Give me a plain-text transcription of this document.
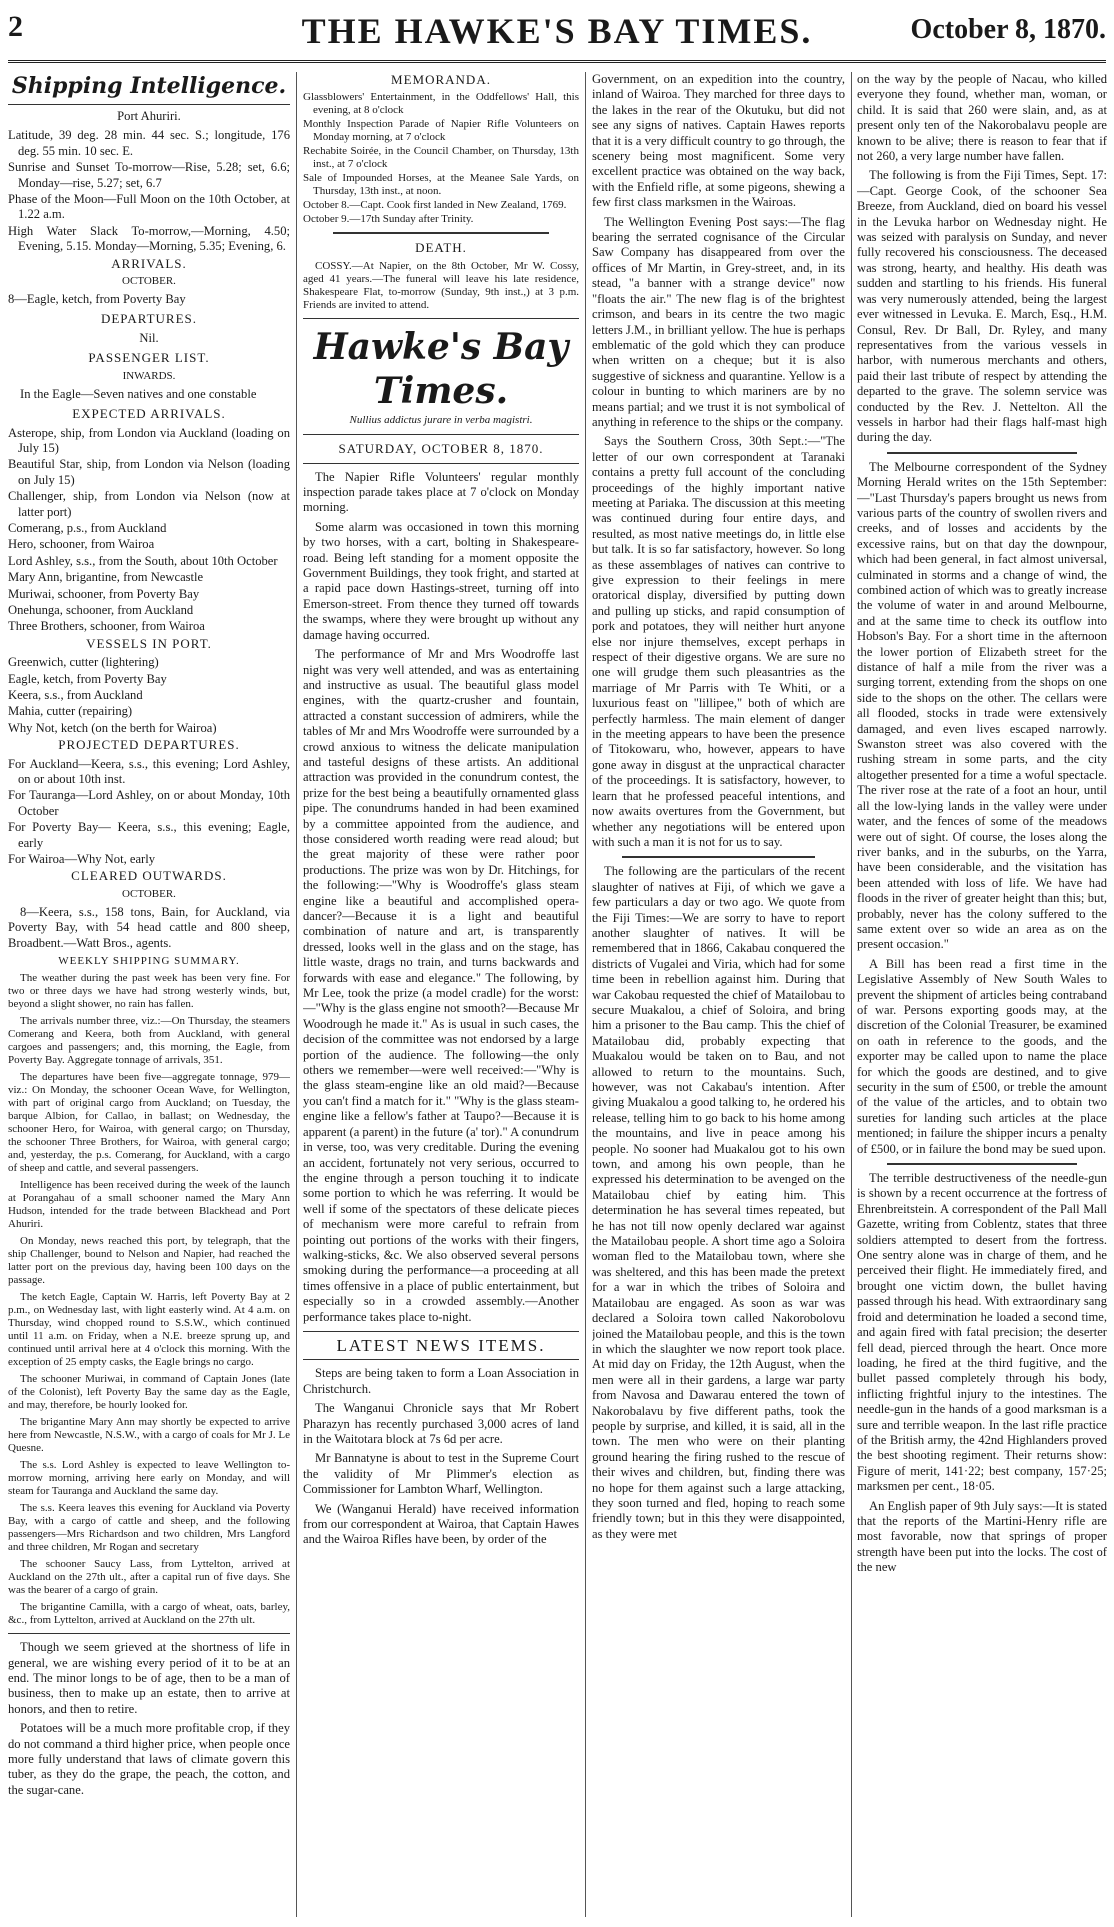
2	THE HAWKE'S BAY TIMES.	October 8, 1870.

Shipping Intelligence.

Port Ahuriri.

Latitude, 39 deg. 28 min. 44 sec. S.; longitude, 176 deg. 55 min. 10 sec. E.

Sunrise and Sunset To-morrow—Rise, 5.28; set, 6.6; Monday—rise, 5.27; set, 6.7

Phase of the Moon—Full Moon on the 10th October, at 1.22 a.m.

High Water Slack To-morrow,—Morning, 4.50; Evening, 5.15. Monday—Morning, 5.35; Evening, 6.

ARRIVALS.

OCTOBER.

8—Eagle, ketch, from Poverty Bay

DEPARTURES.

Nil.

PASSENGER LIST.

INWARDS.

In the Eagle—Seven natives and one constable

EXPECTED ARRIVALS.

Asterope, ship, from London via Auckland (loading on July 15)

Beautiful Star, ship, from London via Nelson (loading on July 15)

Challenger, ship, from London via Nelson (now at latter port)

Comerang, p.s., from Auckland

Hero, schooner, from Wairoa

Lord Ashley, s.s., from the South, about 10th October

Mary Ann, brigantine, from Newcastle

Muriwai, schooner, from Poverty Bay

Onehunga, schooner, from Auckland

Three Brothers, schooner, from Wairoa

VESSELS IN PORT.

Greenwich, cutter (lightering)

Eagle, ketch, from Poverty Bay

Keera, s.s., from Auckland

Mahia, cutter (repairing)

Why Not, ketch (on the berth for Wairoa)

PROJECTED DEPARTURES.

For Auckland—Keera, s.s., this evening; Lord Ashley, on or about 10th inst.

For Tauranga—Lord Ashley, on or about Monday, 10th October

For Poverty Bay— Keera, s.s., this evening; Eagle, early

For Wairoa—Why Not, early

CLEARED OUTWARDS.

OCTOBER.

8—Keera, s.s., 158 tons, Bain, for Auckland, via Poverty Bay, with 54 head cattle and 800 sheep, Broadbent.—Watt Bros., agents.

WEEKLY SHIPPING SUMMARY.

The weather during the past week has been very fine. For two or three days we have had strong westerly winds, but, beyond a slight shower, no rain has fallen.

The arrivals number three, viz.:—On Thursday, the steamers Comerang and Keera, both from Auckland, with general cargoes and passengers; and, this morning, the Eagle, from Poverty Bay. Aggregate tonnage of arrivals, 351.

The departures have been five—aggregate tonnage, 979—viz.: On Monday, the schooner Ocean Wave, for Wellington, with part of original cargo from Auckland; on Tuesday, the barque Albion, for Callao, in ballast; on Wednesday, the schooner Hero, for Wairoa, with general cargo; on Thursday, the schooner Three Brothers, for Wairoa, with general cargo; and, yesterday, the p.s. Comerang, for Auckland, with a cargo of sheep and cattle, and several passengers.

Intelligence has been received during the week of the launch at Porangahau of a small schooner named the Mary Ann Hudson, intended for the trade between Blackhead and Port Ahuriri.

On Monday, news reached this port, by telegraph, that the ship Challenger, bound to Nelson and Napier, had reached the latter port on the previous day, having been 100 days on the passage.

The ketch Eagle, Captain W. Harris, left Poverty Bay at 2 p.m., on Wednesday last, with light easterly wind. At 4 a.m. on Thursday, wind chopped round to S.S.W., which continued until 11 a.m. on Friday, when a N.E. breeze sprung up, and continued until arrival here at 4 o'clock this morning. With the exception of 25 empty casks, the Eagle brings no cargo.

The schooner Muriwai, in command of Captain Jones (late of the Colonist), left Poverty Bay the same day as the Eagle, and may, therefore, be hourly looked for.

The brigantine Mary Ann may shortly be expected to arrive here from Newcastle, N.S.W., with a cargo of coals for Mr J. Le Quesne.

The s.s. Lord Ashley is expected to leave Wellington to-morrow morning, arriving here early on Monday, and will steam for Tauranga and Auckland the same day.

The s.s. Keera leaves this evening for Auckland via Poverty Bay, with a cargo of cattle and sheep, and the following passengers—Mrs Richardson and two children, Mrs Langford and three children, Mr Rogan and secretary

The schooner Saucy Lass, from Lyttelton, arrived at Auckland on the 27th ult., after a capital run of five days. She was the bearer of a cargo of grain.

The brigantine Camilla, with a cargo of wheat, oats, barley, &c., from Lyttelton, arrived at Auckland on the 27th ult.

Though we seem grieved at the shortness of life in general, we are wishing every period of it to be at an end. The minor longs to be of age, then to be a man of business, then to make up an estate, then to arrive at honors, and then to retire.

Potatoes will be a much more profitable crop, if they do not command a third higher price, when people once more fully understand that laws of climate govern this tuber, as they do the grape, the peach, the cotton, and the sugar-cane.

MEMORANDA.

Glassblowers' Entertainment, in the Oddfellows' Hall, this evening, at 8 o'clock

Monthly Inspection Parade of Napier Rifle Volunteers on Monday morning, at 7 o'clock

Rechabite Soirée, in the Council Chamber, on Thursday, 13th inst., at 7 o'clock

Sale of Impounded Horses, at the Meanee Sale Yards, on Thursday, 13th inst., at noon.

October 8.—Capt. Cook first landed in New Zealand, 1769.

October 9.—17th Sunday after Trinity.

DEATH.

COSSY.—At Napier, on the 8th October, Mr W. Cossy, aged 41 years.—The funeral will leave his late residence, Shakespeare Flat, to-morrow (Sunday, 9th inst.,) at 3 p.m. Friends are invited to attend.

Hawke's Bay Times.

Nullius addictus jurare in verba magistri.

SATURDAY, OCTOBER 8, 1870.

The Napier Rifle Volunteers' regular monthly inspection parade takes place at 7 o'clock on Monday morning.

Some alarm was occasioned in town this morning by two horses, with a cart, bolting in Shakespeare-road. Being left standing for a moment opposite the Government Buildings, they took fright, and started at a rapid pace down Hastings-street, turning off into Emerson-street. From thence they turned off towards the swamps, where they were brought up without any damage having occurred.

The performance of Mr and Mrs Woodroffe last night was very well attended, and was as entertaining and instructive as usual. The beautiful glass model engines, with the quartz-crusher and fountain, attracted a constant succession of admirers, while the tables of Mr and Mrs Woodroffe were surrounded by a crowd anxious to witness the delicate manipulation and tasteful designs of these artists. An additional attraction was provided in the conundrum contest, the prize for the best being a beautifully ornamented glass pipe. The conundrums handed in had been examined by a committee appointed from the audience, and those considered worth reading were read aloud; but the great majority of these were rather poor productions. The prize was won by Dr. Hitchings, for the following:—"Why is Woodroffe's glass steam engine like a beautiful and accomplished opera-dancer?—Because it is a light and beautiful combination of nature and art, is transparently dressed, looks well in the glass and on the stage, has little waste, drags no train, and turns backwards and forwards with ease and elegance." The following, by Mr Lee, took the prize (a model cradle) for the worst:—"Why is the glass engine not smooth?—Because Mr Woodrough he made it." As is usual in such cases, the decision of the committee was not endorsed by a large portion of the audience. The following—the only others we remember—were well received:—"Why is the glass steam-engine like an old maid?—Because you can't find a match for it." "Why is the glass steam-engine like a fellow's father at Taupo?—Because it is apparent (a parent) in the future (a' tor)." A conundrum in verse, too, was very creditable. During the evening an accident, fortunately not very serious, occurred to the engine through a person touching it to indicate some portion to which he was referring. It would be well if some of the spectators of these delicate pieces of mechanism were more careful to refrain from pointing out portions of the works with their fingers, walking-sticks, &c. We also observed several persons smoking during the performance—a proceeding at all times offensive in a place of public entertainment, but especially so in a crowded assembly.—Another performance takes place to-night.

LATEST NEWS ITEMS.

Steps are being taken to form a Loan Association in Christchurch.

The Wanganui Chronicle says that Mr Robert Pharazyn has recently purchased 3,000 acres of land in the Waitotara block at 7s 6d per acre.

Mr Bannatyne is about to test in the Supreme Court the validity of Mr Plimmer's election as Commissioner for Lambton Wharf, Wellington.

We (Wanganui Herald) have received information from our correspondent at Wairoa, that Captain Hawes and the Wairoa Rifles have been, by order of the

Government, on an expedition into the country, inland of Wairoa. They marched for three days to the lakes in the rear of the Okutuku, but did not see any signs of natives. Captain Hawes reports that it is a very difficult country to go through, the scenery being most magnificent. Some very excellent practice was obtained on the way back, with the Enfield rifle, at some pigeons, shewing a few first class marksmen in the Wairoas.

The Wellington Evening Post says:—The flag bearing the serrated cognisance of the Circular Saw Company has disappeared from over the offices of Mr Martin, in Grey-street, and, in its stead, "a banner with a strange device" now "floats the air." The new flag is of the brightest crimson, and bears in its centre the two magic letters J.M., in brilliant yellow. The hue is perhaps emblematic of the gold which they can produce when written on a cheque; but it is also suggestive of sickness and quarantine. Yellow is a colour in bunting to which mariners are by no means partial; and we trust it is not symbolical of anything in reference to the ships or the company.

Says the Southern Cross, 30th Sept.:—"The letter of our own correspondent at Taranaki contains a pretty full account of the concluding proceedings of the highly important native meeting at Pariaka. The discussion at this meeting was continued during four entire days, and resulted, as most native meetings do, in little else but talk. It is so far satisfactory, however. So long as these assemblages of natives can contrive to give expression to their feelings in mere oratorical display, diversified by putting down and pulling up sticks, and rapid consumption of pork and potatoes, they will neither hurt anyone else nor injure themselves, except perhaps in respect of their digestive organs. We are sure no one will grudge them such pleasantries as the marriage of Mr Parris with Te Whiti, or a luxurious feast on "lillipee," both of which are perfectly harmless. The main element of danger in the meeting appears to have been the presence of Titokowaru, who, however, appears to have gone away in disgust at the unpractical character of the proceedings. It is satisfactory, however, to learn that he professed peaceful intentions, and now awaits overtures from the Government, but whether any negotiations will be entered upon with such a man it is not for us to say.

The following are the particulars of the recent slaughter of natives at Fiji, of which we gave a few particulars a day or two ago. We quote from the Fiji Times:—We are sorry to have to report another slaughter of natives. It will be remembered that in 1866, Cakabau conquered the districts of Vugalei and Viria, which had for some time been in rebellion against him. During that war Cakobau requested the chief of Matailobau to secure Muakalou, a chief of Soloira, and bring him a prisoner to the Bau camp. This the chief of Matailobau did, probably expecting that Muakalou would be taken on to Bau, and not allowed to return to the mountains. Such, however, was not Cakabau's intention. After giving Muakalou a good talking to, he ordered his release, telling him to go back to his home among the mountains, and live in peace among his people. No sooner had Muakalou got to his own town, and among his own people, than he expressed his determination to be avenged on the Matailobau chief by eating him. This determination he has several times repeated, but he has not till now openly declared war against the Matailobau people. A short time ago a Soloira woman fled to the Matailobau town, where she was sheltered, and this has been made the pretext for a war in which the tribes of Soloira and Matailobau are engaged. As soon as war was declared a Soloira town called Nakorobolovu joined the Matailobau people, and this is the town in which the slaughter we now report took place. At mid day on Friday, the 12th August, when the men were all in their gardens, a large war party from Navosa and Dawarau entered the town of Nakorobalavu by five different paths, took the people by surprise, and killed, it is said, all in the town. The men who were on their planting ground hearing the firing rushed to the rescue of their wives and children, but, finding there was no hope for them against such a large attacking, they soon turned and fled, hoping to reach some friendly town; but in this they were disappointed, as they were met

on the way by the people of Nacau, who killed everyone they found, whether man, woman, or child. It is said that 260 were slain, and, as at present only ten of the Nakorobalavu people are known to be alive; there is reason to fear that if not 260, a very large number have fallen.

The following is from the Fiji Times, Sept. 17:—Capt. George Cook, of the schooner Sea Breeze, from Auckland, died on board his vessel in the Levuka harbor on Wednesday night. He was seized with paralysis on Sunday, and never fully recovered his consciousness. The deceased was strong, hearty, and healthy. His death was sudden and startling to his friends. His funeral was very numerously attended, being the largest ever witnessed in Levuka. E. March, Esq., H.M. Consul, Rev. Dr Ball, Dr. Ryley, and many representatives from the various vessels in harbor, with numerous merchants and others, paid their last tribute of respect by attending the departed to the grave. The solemn service was conducted by the Rev. J. Nettelton. All the vessels in harbor had their flags half-mast high during the day.

The Melbourne correspondent of the Sydney Morning Herald writes on the 15th September:—"Last Thursday's papers brought us news from various parts of the country of swollen rivers and creeks, and of losses and accidents by the excessive rains, but on that day the downpour, which had been general, in fact almost universal, culminated in storms and a change of wind, the combined action of which was to greatly increase the volume of water in and around Melbourne, and at the same time to check its outflow into Hobson's Bay. For a short time in the afternoon the lower portion of Elizabeth street for the distance of half a mile from the river was a surging torrent, extending from the shops on one side to the shops on the other. The cellars were all flooded, stocks in trade were extensively damaged, and even lives escaped narrowly. Swanston street was also covered with the rushing stream in some parts, and the city altogether presented for a time a woful spectacle. The river rose at the rate of a foot an hour, until all the low-lying lands in the valley were under water, and the fences of some of the meadows were out of sight. Of course, the loses along the river banks, and in the suburbs, on the Yarra, have been considerable, and the visitation has been attended with loss of life. We have had floods in the river of greater height than this; but, probably, never has the colony suffered to the same extent over so wide an area as on the present occasion."

A Bill has been read a first time in the Legislative Assembly of New South Wales to prevent the shipment of articles being contraband of war. Persons exporting goods may, at the discretion of the Colonial Treasurer, be examined on oath in reference to the goods, and the exporter may be called upon to name the place for which the goods are destined, and to give security in the sum of £500, or treble the amount of the value of the articles, and to obtain two sureties for landing such articles at the place mentioned; in failure the shipper incurs a penalty of £500, or in failure the bond may be sued upon.

The terrible destructiveness of the needle-gun is shown by a recent occurrence at the fortress of Ehrenbreitstein. A correspondent of the Pall Mall Gazette, writing from Coblentz, states that three soldiers attempted to desert from the fortress. One sentry alone was in charge of them, and he perceived their flight. He immediately fired, and brought one victim down, the bullet having passed through his head. With extraordinary sang froid and determination he loaded a second time, and again fired with fatal precision; the deserter fell dead, pierced through the heart. Once more loading, he fired at the third fugitive, and the bullet passed completely through his body, inflicting frightful injury to the intestines. The needle-gun in the hands of a good marksman is a sure and terrible weapon. In the last rifle practice of the British army, the 42nd Highlanders proved the best shooting regiment. Their returns show: Figure of merit, 141·22; best company, 157·25; marksmen per cent., 18·05.

An English paper of 9th July says:—It is stated that the reports of the Martini-Henry rifle are most favorable, now that springs of proper strength have been put into the locks. The cost of the new
